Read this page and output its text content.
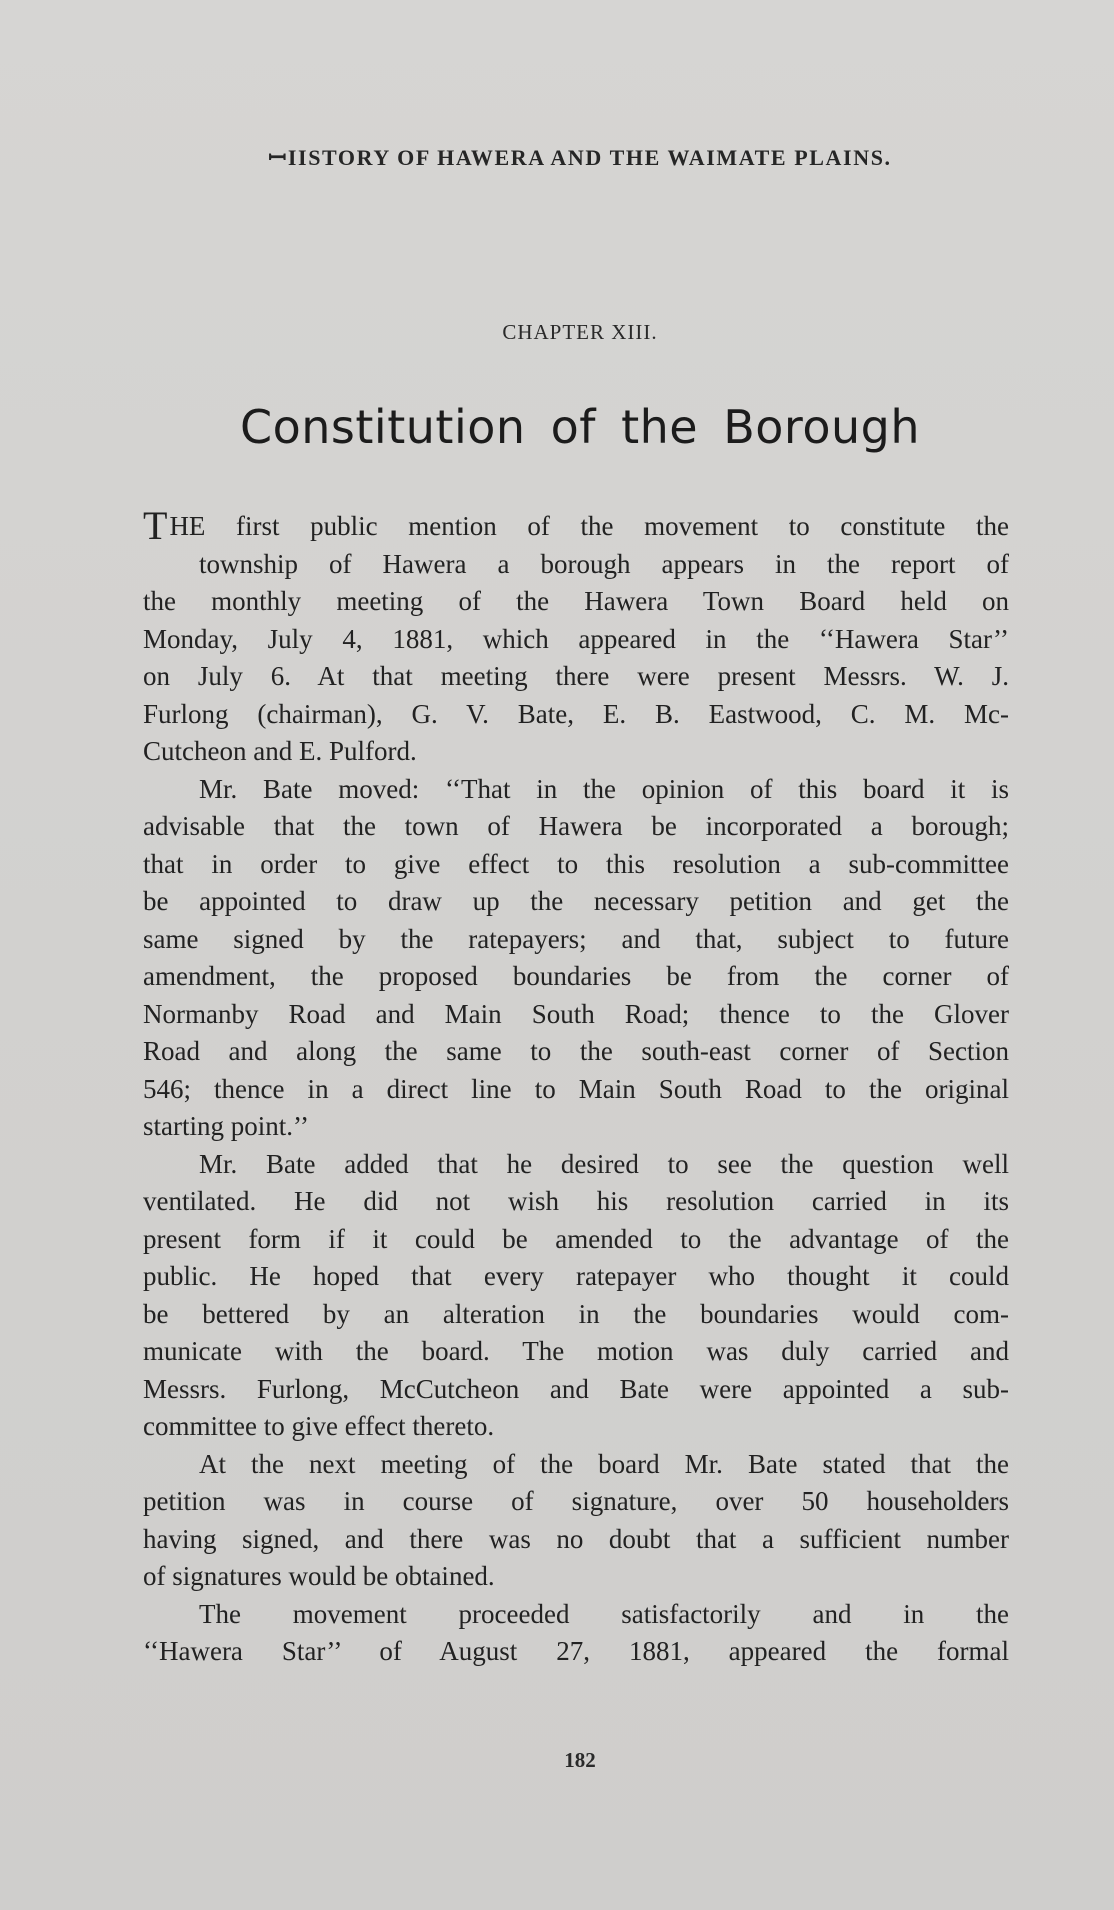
ꟷIISTORY OF HAWERA AND THE WAIMATE PLAINS.
CHAPTER XIII.
Constitution of the Borough
THE first public mention of the movement to constitute the
township of Hawera a borough appears in the report of
the monthly meeting of the Hawera Town Board held on
Monday, July 4, 1881, which appeared in the ‘‘Hawera Star’’
on July 6. At that meeting there were present Messrs. W. J.
Furlong (chairman), G. V. Bate, E. B. Eastwood, C. M. Mc-
Cutcheon and E. Pulford.
Mr. Bate moved: ‘‘That in the opinion of this board it is
advisable that the town of Hawera be incorporated a borough;
that in order to give effect to this resolution a sub-committee
be appointed to draw up the necessary petition and get the
same signed by the ratepayers; and that, subject to future
amendment, the proposed boundaries be from the corner of
Normanby Road and Main South Road; thence to the Glover
Road and along the same to the south-east corner of Section
546; thence in a direct line to Main South Road to the original
starting point.’’
Mr. Bate added that he desired to see the question well
ventilated. He did not wish his resolution carried in its
present form if it could be amended to the advantage of the
public. He hoped that every ratepayer who thought it could
be bettered by an alteration in the boundaries would com-
municate with the board. The motion was duly carried and
Messrs. Furlong, McCutcheon and Bate were appointed a sub-
committee to give effect thereto.
At the next meeting of the board Mr. Bate stated that the
petition was in course of signature, over 50 householders
having signed, and there was no doubt that a sufficient number
of signatures would be obtained.
The movement proceeded satisfactorily and in the
‘‘Hawera Star’’ of August 27, 1881, appeared the formal
182
